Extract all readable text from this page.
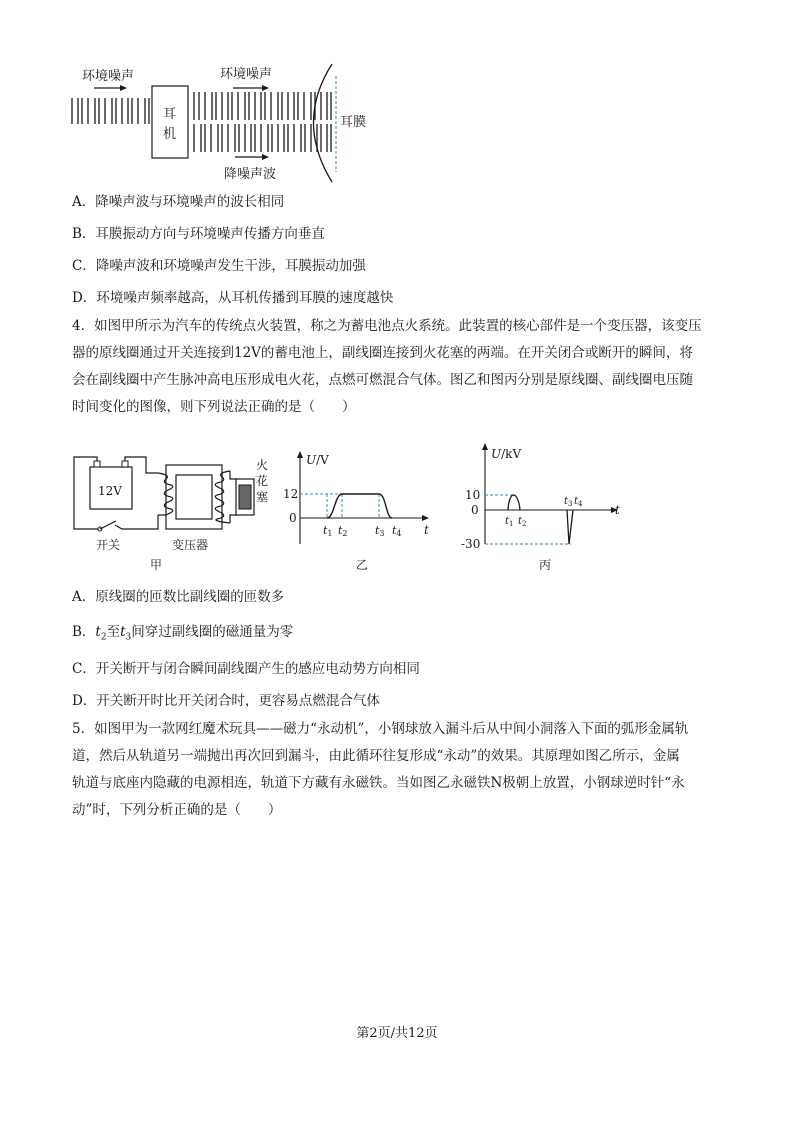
环境噪声
耳
机
环境噪声
降噪声波
耳膜
A．降噪声波与环境噪声的波长相同
B．耳膜振动方向与环境噪声传播方向垂直
C．降噪声波和环境噪声发生干涉，耳膜振动加强
D．环境噪声频率越高，从耳机传播到耳膜的速度越快
4．如图甲所示为汽车的传统点火装置，称之为蓄电池点火系统。此装置的核心部件是一个变压器，该变压
器的原线圈通过开关连接到12V的蓄电池上，副线圈连接到火花塞的两端。在开关闭合或断开的瞬间，将
会在副线圈中产生脉冲高电压形成电火花，点燃可燃混合气体。图乙和图丙分别是原线圈、副线圈电压随
时间变化的图像，则下列说法正确的是（　　）
12V
开关
火
花
塞
变压器
甲
U/V
t
12
0
t1 t2 t3 t4
乙
U/kV
t
10
0
-30
$t_1$ $t_2$
$t_3$ $t_4$
丙
A．原线圈的匝数比副线圈的匝数多
B．$t_2$至$t_3$间穿过副线圈的磁通量为零
C．开关断开与闭合瞬间副线圈产生的感应电动势方向相同
D．开关断开时比开关闭合时，更容易点燃混合气体
5．如图甲为一款网红魔术玩具——磁力“永动机”，小钢球放入漏斗后从中间小洞落入下面的弧形金属轨
道，然后从轨道另一端抛出再次回到漏斗，由此循环往复形成“永动”的效果。其原理如图乙所示，金属
轨道与底座内隐藏的电源相连，轨道下方藏有永磁铁。当如图乙永磁铁N极朝上放置，小钢球逆时针“永
动”时，下列分析正确的是（　　）
第2页/共12页
